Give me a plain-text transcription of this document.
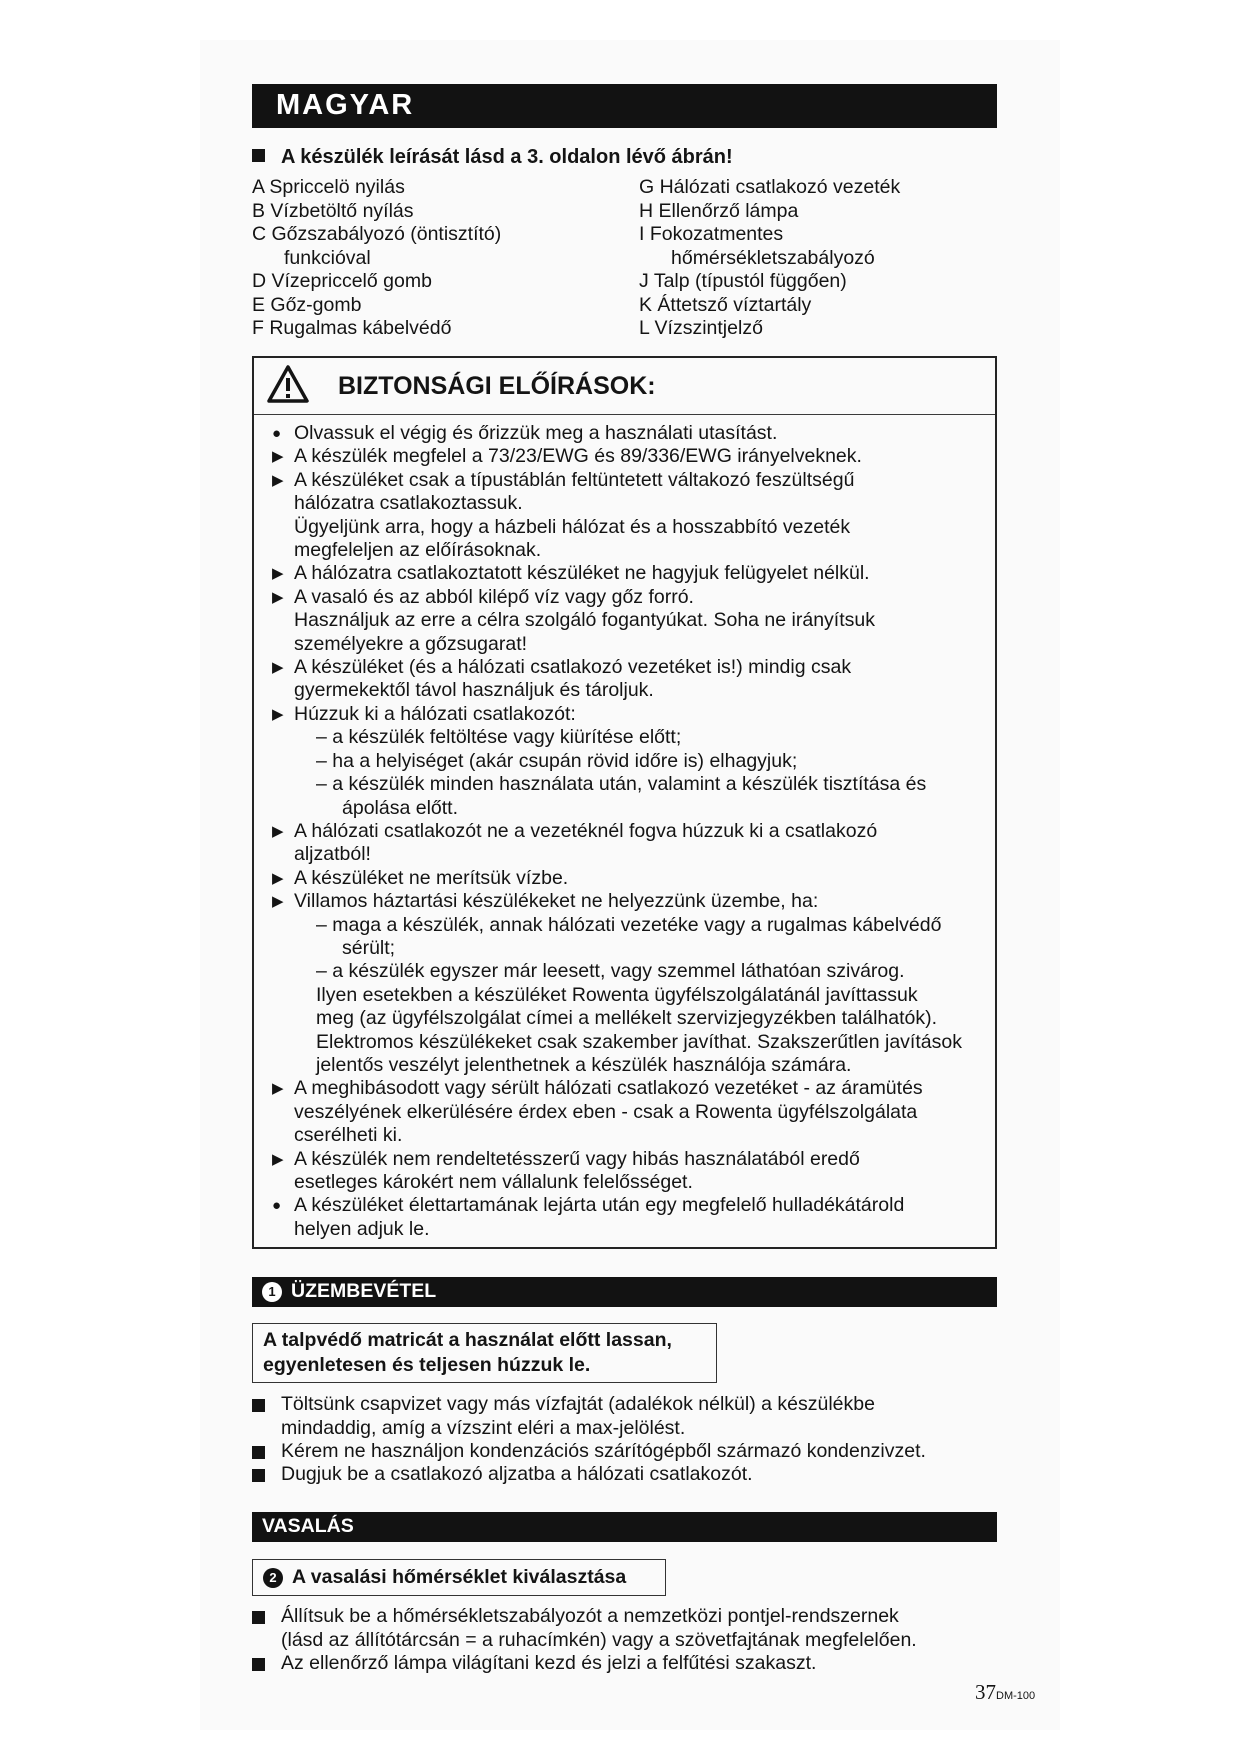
MAGYAR
A készülék leírását lásd a 3. oldalon lévő ábrán!
A Spriccelö nyilás
B Vízbetöltő nyílás
C Gőzszabályozó (öntisztító)
funkcióval
D Vízepriccelő gomb
E Gőz-gomb
F Rugalmas kábelvédő
G Hálózati csatlakozó vezeték
H Ellenőrző lámpa
I Fokozatmentes
hőmérsékletszabályozó
J Talp (típustól függően)
K Áttetsző víztartály
L Vízszintjelző
BIZTONSÁGI ELŐÍRÁSOK:
● Olvassuk el végig és őrizzük meg a használati utasítást.
▶ A készülék megfelel a 73/23/EWG és 89/336/EWG irányelveknek.
▶ A készüléket csak a típustáblán feltüntetett váltakozó feszültségű
hálózatra csatlakoztassuk.
Ügyeljünk arra, hogy a házbeli hálózat és a hosszabbító vezeték
megfeleljen az előírásoknak.
▶ A hálózatra csatlakoztatott készüléket ne hagyjuk felügyelet nélkül.
▶ A vasaló és az abból kilépő víz vagy gőz forró.
Használjuk az erre a célra szolgáló fogantyúkat. Soha ne irányítsuk
személyekre a gőzsugarat!
▶ A készüléket (és a hálózati csatlakozó vezetéket is!) mindig csak
gyermekektől távol használjuk és tároljuk.
▶ Húzzuk ki a hálózati csatlakozót:
– a készülék feltöltése vagy kiürítése előtt;
– ha a helyiséget (akár csupán rövid időre is) elhagyjuk;
– a készülék minden használata után, valamint a készülék tisztítása és
ápolása előtt.
▶ A hálózati csatlakozót ne a vezetéknél fogva húzzuk ki a csatlakozó
aljzatból!
▶ A készüléket ne merítsük vízbe.
▶ Villamos háztartási készülékeket ne helyezzünk üzembe, ha:
– maga a készülék, annak hálózati vezetéke vagy a rugalmas kábelvédő
sérült;
– a készülék egyszer már leesett, vagy szemmel láthatóan szivárog.
Ilyen esetekben a készüléket Rowenta ügyfélszolgálatánál javíttassuk
meg (az ügyfélszolgálat címei a mellékelt szervizjegyzékben találhatók).
Elektromos készülékeket csak szakember javíthat. Szakszerűtlen javítások
jelentős veszélyt jelenthetnek a készülék használója számára.
▶ A meghibásodott vagy sérült hálózati csatlakozó vezetéket - az áramütés
veszélyének elkerülésére érdex eben - csak a Rowenta ügyfélszolgálata
cserélheti ki.
▶ A készülék nem rendeltetésszerű vagy hibás használatából eredő
esetleges károkért nem vállalunk felelősséget.
● A készüléket élettartamának lejárta után egy megfelelő hulladékátárold
helyen adjuk le.
1 ÜZEMBEVÉTEL
A talpvédő matricát a használat előtt lassan,
egyenletesen és teljesen húzzuk le.
Töltsünk csapvizet vagy más vízfajtát (adalékok nélkül) a készülékbe
mindaddig, amíg a vízszint eléri a max-jelölést.
Kérem ne használjon kondenzációs szárítógépből származó kondenzivzet.
Dugjuk be a csatlakozó aljzatba a hálózati csatlakozót.
VASALÁS
2 A vasalási hőmérséklet kiválasztása
Állítsuk be a hőmérsékletszabályozót a nemzetközi pontjel-rendszernek
(lásd az állítótárcsán = a ruhacímkén) vagy a szövetfajtának megfelelően.
Az ellenőrző lámpa világítani kezd és jelzi a felfűtési szakaszt.
37DM-100
